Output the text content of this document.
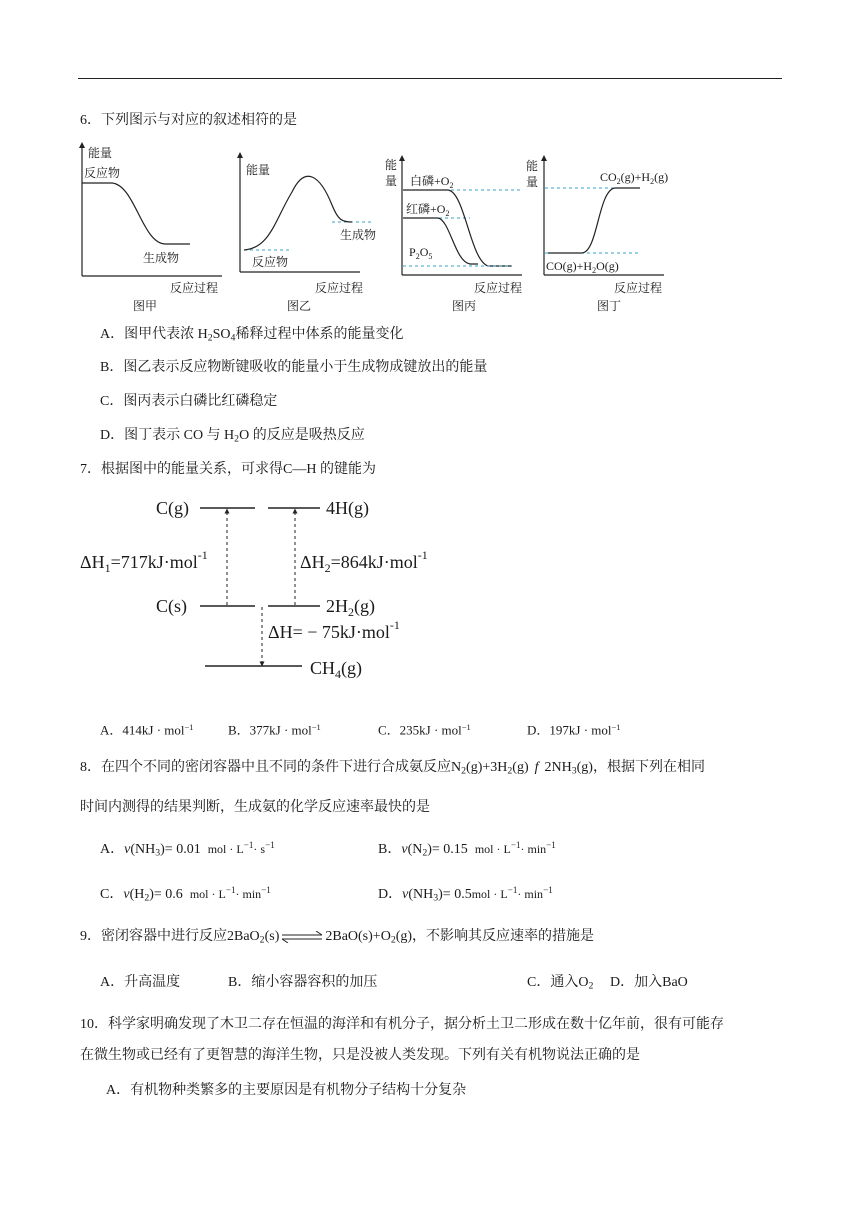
6．下列图示与对应的叙述相符的是
能量
反应物
生成物
反应过程
图甲
能量
反应物
生成物
反应过程
图乙
能
量 白磷$+O_2$
红磷$+O_2$
$P_2O_5$
反应过程
图丙
能
量	$CO_2(g)+H_2(g)$
$CO(g)+H_2O(g)$
反应过程
图丁
A．图甲代表浓 $H_2SO_4$稀释过程中体系的能量变化
B．图乙表示反应物断键吸收的能量小于生成物成键放出的能量
C．图丙表示白磷比红磷稳定
D．图丁表示 CO 与 $H_2O$ 的反应是吸热反应
7．根据图中的能量关系，可求得C—H 的键能为
C(g)	4H(g)
$\Delta H_1=717kJ\cdot mol^{-1}$	$\Delta H_2=864kJ\cdot mol^{-1}$
C(s)	$2H_2(g)$
ΔH= − 75kJ·mol$^{-1}$
$CH_4(g)$
A．414kJ · mol$^{-1}$	B．377kJ · mol$^{-1}$	C．235kJ · mol$^{-1}$	D．197kJ · mol$^{-1}$
8．在四个不同的密闭容器中且不同的条件下进行合成氨反应$N_2(g)+3H_2(g)$ f $2NH_3(g)$，根据下列在相同
时间内测得的结果判断，生成氨的化学反应速率最快的是
A．$v(NH_3)= 0.01$ mol · $L^{-1}\cdot s^{-1}$	B．$v(N_2)= 0.15$ mol · $L^{-1}\cdot \min^{-1}$
C．$v(H_2)= 0.6$ mol · $L^{-1}\cdot \min^{-1}$	D．$v(NH_3)= 0.5mol \cdot L^{-1}\cdot \min^{-1}$
9．密闭容器中进行反应$2BaO_2(s)\rightleftharpoons 2BaO(s)+O_2(g)$，不影响其反应速率的措施是
A．升高温度	B．缩小容器容积的加压	C．通入$O_2$ D．加入BaO
10．科学家明确发现了木卫二存在恒温的海洋和有机分子，据分析土卫二形成在数十亿年前，很有可能存
在微生物或已经有了更智慧的海洋生物，只是没被人类发现。下列有关有机物说法正确的是
A．有机物种类繁多的主要原因是有机物分子结构十分复杂
